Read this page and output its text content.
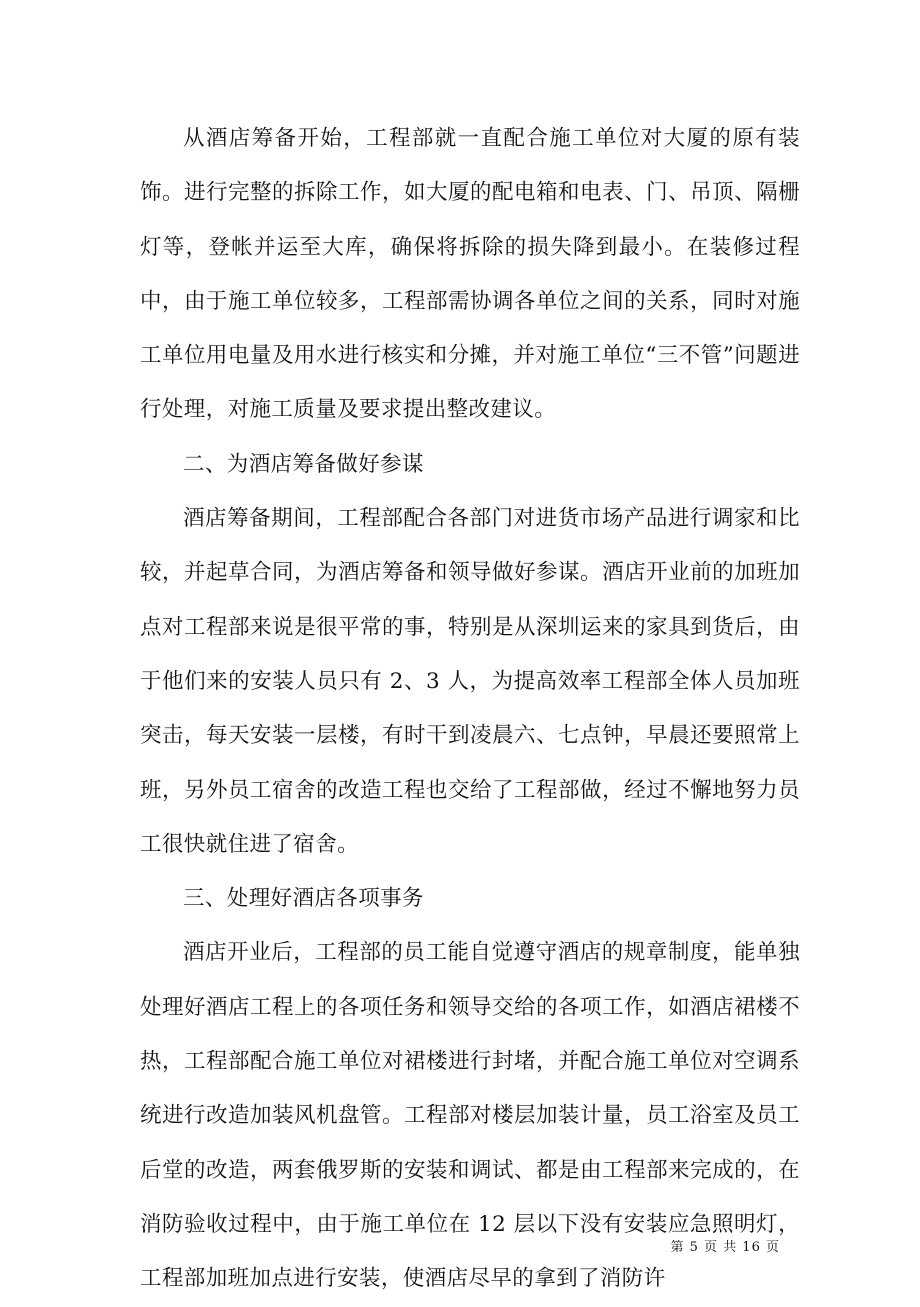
从酒店筹备开始，工程部就一直配合施工单位对大厦的原有装饰。进行完整的拆除工作，如大厦的配电箱和电表、门、吊顶、隔栅灯等，登帐并运至大库，确保将拆除的损失降到最小。在装修过程中，由于施工单位较多，工程部需协调各单位之间的关系，同时对施工单位用电量及用水进行核实和分摊，并对施工单位“三不管”问题进行处理，对施工质量及要求提出整改建议。

二、为酒店筹备做好参谋

酒店筹备期间，工程部配合各部门对进货市场产品进行调家和比较，并起草合同，为酒店筹备和领导做好参谋。酒店开业前的加班加点对工程部来说是很平常的事，特别是从深圳运来的家具到货后，由于他们来的安装人员只有 2、3 人，为提高效率工程部全体人员加班突击，每天安装一层楼，有时干到凌晨六、七点钟，早晨还要照常上班，另外员工宿舍的改造工程也交给了工程部做，经过不懈地努力员工很快就住进了宿舍。

三、处理好酒店各项事务

酒店开业后，工程部的员工能自觉遵守酒店的规章制度，能单独处理好酒店工程上的各项任务和领导交给的各项工作，如酒店裙楼不热，工程部配合施工单位对裙楼进行封堵，并配合施工单位对空调系统进行改造加装风机盘管。工程部对楼层加装计量，员工浴室及员工后堂的改造，两套俄罗斯的安装和调试、都是由工程部来完成的，在消防验收过程中，由于施工单位在 12 层以下没有安装应急照明灯，工程部加班加点进行安装，使酒店尽早的拿到了消防许

第 5 页 共 16 页
